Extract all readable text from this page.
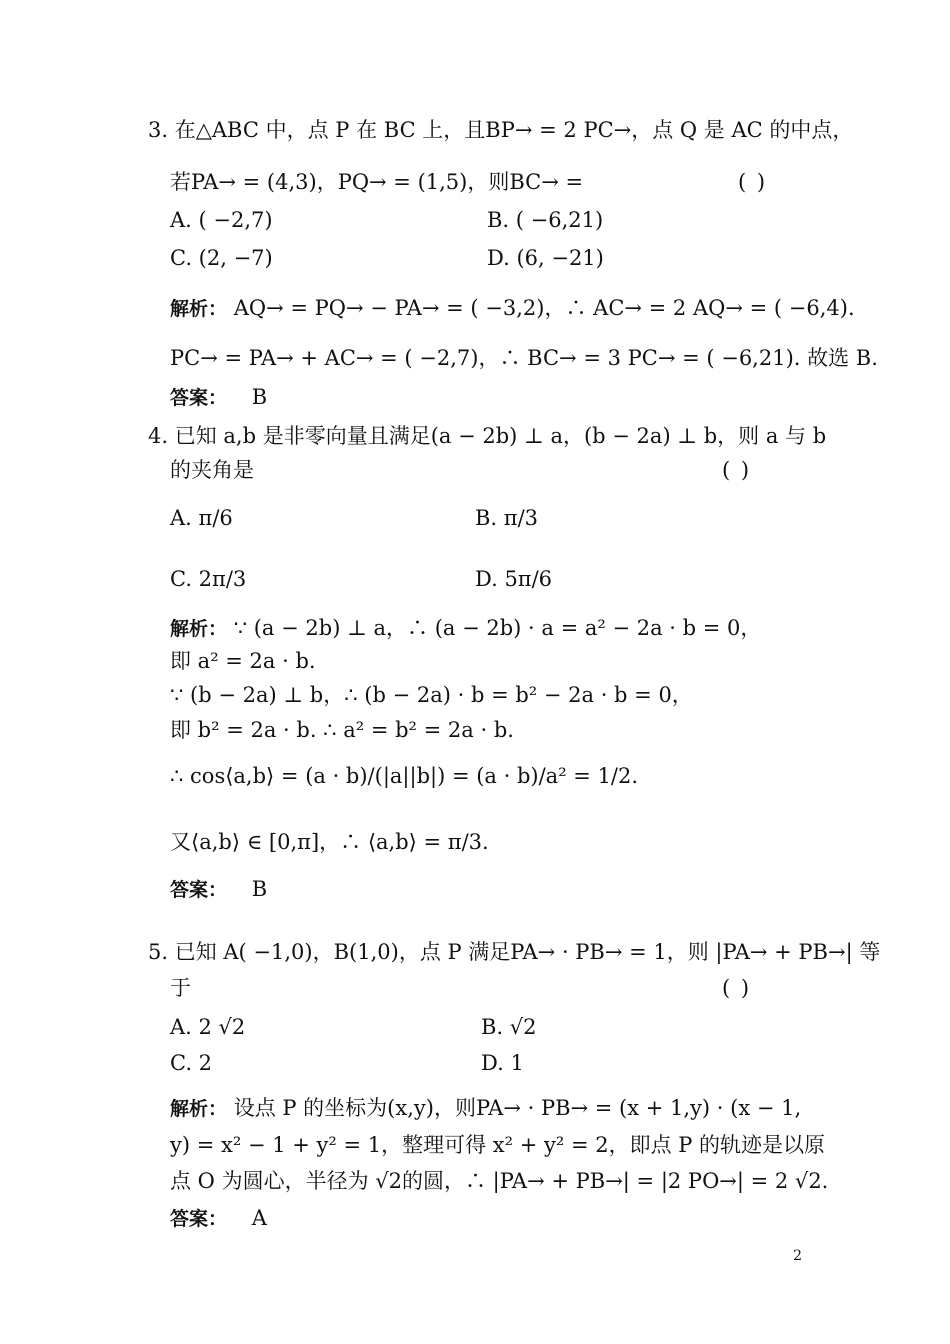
3. 在△ABC 中，点 P 在 BC 上，且BP→ = 2 PC→，点 Q 是 AC 的中点，
若PA→ = (4,3)，PQ→ = (1,5)，则BC→ =	( )
A. ( −2,7)	B. ( −6,21)
C. (2, −7)	D. (6, −21)
解析： AQ→ = PQ→ − PA→ = ( −3,2)，∴ AC→ = 2 AQ→ = ( −6,4).
PC→ = PA→ + AC→ = ( −2,7)，∴ BC→ = 3 PC→ = ( −6,21). 故选 B.
答案： B
4. 已知 a,b 是非零向量且满足(a − 2b) ⊥ a，(b − 2a) ⊥ b，则 a 与 b
的夹角是	( )
A. π/6	B. π/3
C. 2π/3	D. 5π/6
解析： ∵ (a − 2b) ⊥ a，∴ (a − 2b) · a = a² − 2a · b = 0，
即 a² = 2a · b.
∵ (b − 2a) ⊥ b，∴ (b − 2a) · b = b² − 2a · b = 0，
即 b² = 2a · b. ∴ a² = b² = 2a · b.
∴ cos⟨a,b⟩ = (a · b)/(|a||b|) = (a · b)/a² = 1/2.
又⟨a,b⟩ ∈ [0,π]，∴ ⟨a,b⟩ = π/3.
答案： B
5. 已知 A( −1,0)，B(1,0)，点 P 满足PA→ · PB→ = 1，则 |PA→ + PB→| 等
于	( )
A. 2 √2	B. √2
C. 2	D. 1
解析： 设点 P 的坐标为(x,y)，则PA→ · PB→ = (x + 1,y) · (x − 1,
y) = x² − 1 + y² = 1，整理可得 x² + y² = 2，即点 P 的轨迹是以原
点 O 为圆心，半径为 √2的圆，∴ |PA→ + PB→| = |2 PO→| = 2 √2.
答案： A
2
